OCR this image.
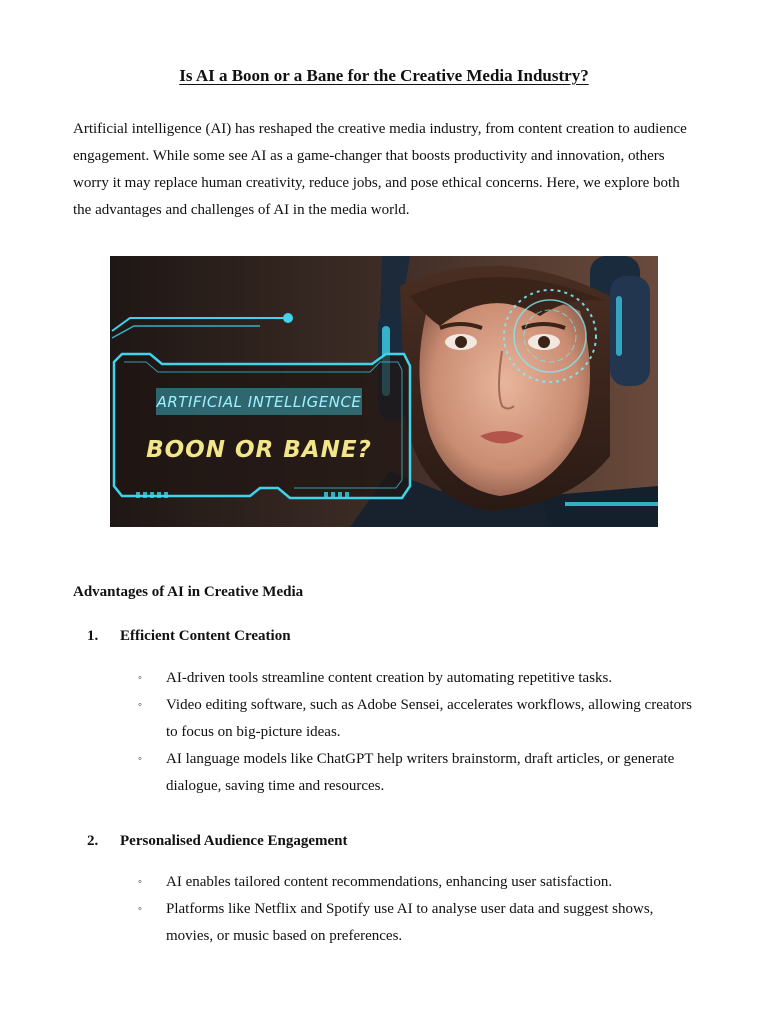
Is AI a Boon or a Bane for the Creative Media Industry?

Artificial intelligence (AI) has reshaped the creative media industry, from content creation to audience engagement. While some see AI as a game-changer that boosts productivity and innovation, others worry it may replace human creativity, reduce jobs, and pose ethical concerns. Here, we explore both the advantages and challenges of AI in the media world.

ARTIFICIAL INTELLIGENCE
BOON OR BANE?
Advantages of AI in Creative Media
1.	Efficient Content Creation
◦	AI-driven tools streamline content creation by automating repetitive tasks.
◦	Video editing software, such as Adobe Sensei, accelerates workflows, allowing creators to focus on big-picture ideas.
◦	AI language models like ChatGPT help writers brainstorm, draft articles, or generate dialogue, saving time and resources.
2.	Personalised Audience Engagement
◦	AI enables tailored content recommendations, enhancing user satisfaction.
◦	Platforms like Netflix and Spotify use AI to analyse user data and suggest shows, movies, or music based on preferences.
